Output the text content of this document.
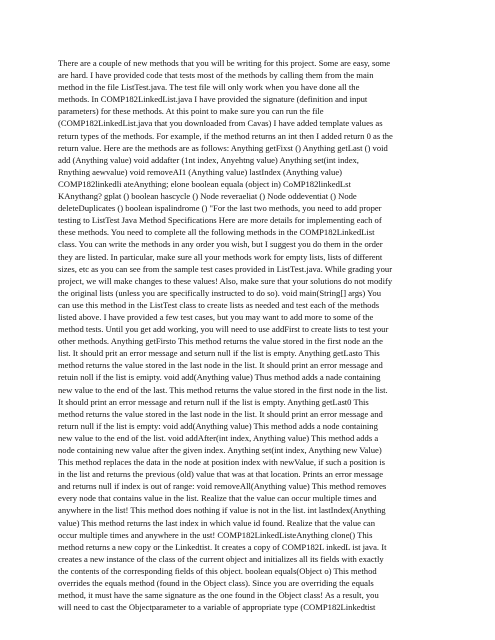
There are a couple of new methods that you will be writing for this project. Some are easy, some
are hard. I have provided code that tests most of the methods by calling them from the main
method in the file ListTest.java. The test file will only work when you have done all the
methods. In COMP182LinkedList.java I have provided the signature (definition and input
parameters) for these methods. At this point to make sure you can run the file
(COMP182LinkedList.java that you downloaded from Cavas) I have added template values as
return types of the methods. For example, if the method returns an int then I added return 0 as the
return value. Here are the methods are as follows: Anything getFixst () Anything getLast () void
add (Anything value) void addafter (1nt index, Anyehtng value) Anything set(int index,
Rnything aewvalue) void removeAI1 (Anything value) lastIndex (Anything value)
COMP182linkedli ateAnything; elone boolean equala (object in) CoMP182linkedLst
KAnythang? gplat () boolean hascycle () Node reveraeliat () Node oddeventiat () Node
deleteDuplicates () boolean ispalindrome () "For the last two methods, you need to add proper
testing to ListTest Java Method Specifications Here are more details for implementing each of
these methods. You need to complete all the following methods in the COMP182LinkedList
class. You can write the methods in any order you wish, but I suggest you do them in the order
they are listed. In particular, make sure all your methods work for empty lists, lists of different
sizes, etc as you can see from the sample test cases provided in ListTest.java. While grading your
project, we will make changes to these values! Also, make sure that your solutions do not modify
the original lists (unless you are specifically instructed to do so). void main(String[] args) You
can use this method in the ListTest class to create lists as needed and test each of the methods
listed above. I have provided a few test cases, but you may want to add more to some of the
method tests. Until you get add working, you will need to use addFirst to create lists to test your
other methods. Anything getFirsto This method returns the value stored in the first node an the
list. It should prit an error message and seturn null if the list is empty. Anything getLasto This
method returns the value stored in the last node in the list. It should print an error message and
retuin noll if the list is emipty. void add(Anything value) Thus method adds a nade containing
new value to the end of the last. This method returns the value stored in the first node in the list.
It should print an error message and return null if the list is empty. Anything getLast0 This
method returns the value stored in the last node in the list. It should print an error message and
return null if the list is empty: void add(Anything value) This method adds a node containing
new value to the end of the list. void addAfter(int index, Anything value) This method adds a
node containing new value after the given index. Anything set(int index, Anything new Value)
This method replaces the data in the node at position index with newValue, if such a position is
in the list and returns the previous (old) value that was at that location. Prints an error message
and returns null if index is out of range: void removeAll(Anything value) This method removes
every node that contains value in the list. Realize that the value can occur multiple times and
anywhere in the list! This method does nothing if value is not in the list. int lastIndex(Anything
value) This method returns the last index in which value id found. Realize that the value can
occur multiple times and anywhere in the ust! COMP182LinkedListeAnything clone() This
method returns a new copy or the Linkedtist. It creates a copy of COMP182L inkedL ist java. It
creates a new instance of the class of the current object and initializes all its fields with exactly
the contents of the corresponding fields of this object. boolean equals(Object o) This method
overrides the equals method (found in the Object class). Since you are overriding the equals
method, it must have the same signature as the one found in the Object class! As a result, you
will need to cast the Objectparameter to a variable of appropriate type (COMP182Linkedtist
